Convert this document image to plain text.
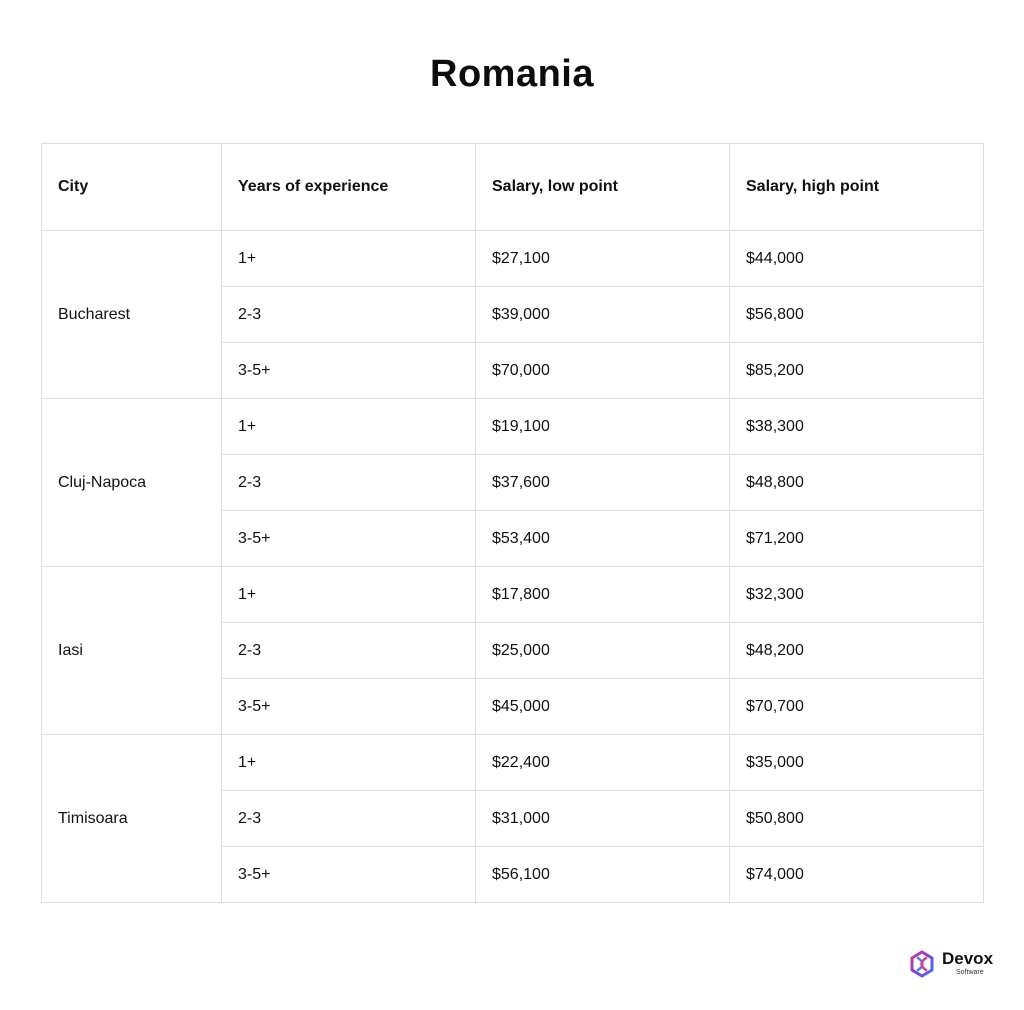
Romania
City	Years of experience	Salary, low point	Salary, high point
Bucharest	1+	$27,100	$44,000
	2-3	$39,000	$56,800
	3-5+	$70,000	$85,200
Cluj-Napoca	1+	$19,100	$38,300
	2-3	$37,600	$48,800
	3-5+	$53,400	$71,200
Iasi	1+	$17,800	$32,300
	2-3	$25,000	$48,200
	3-5+	$45,000	$70,700
Timisoara	1+	$22,400	$35,000
	2-3	$31,000	$50,800
	3-5+	$56,100	$74,000
Devox
Software
